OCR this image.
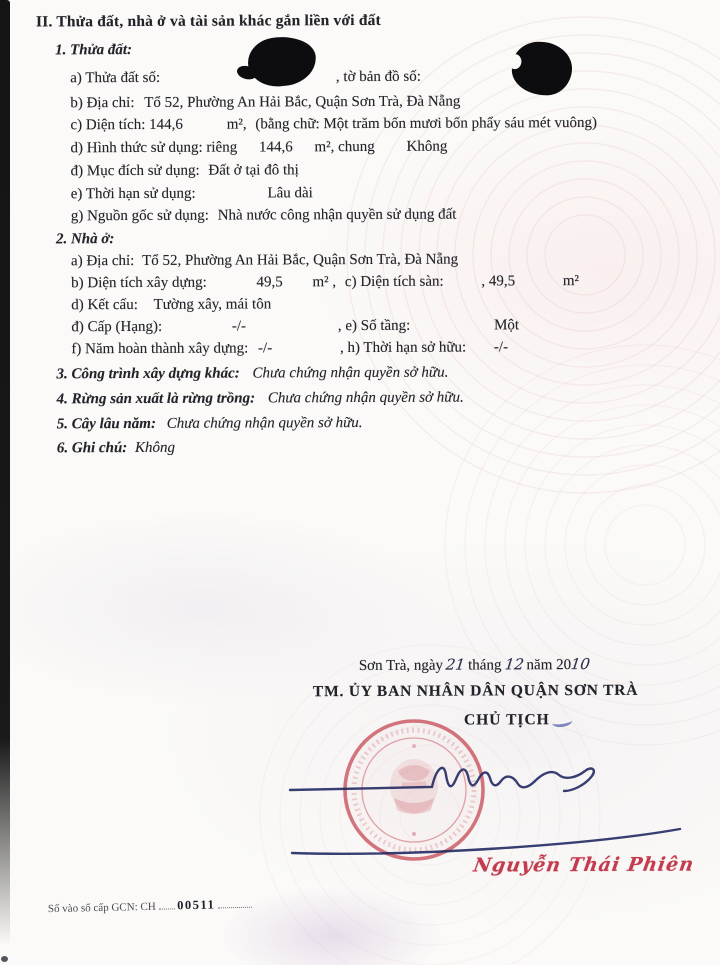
II. Thửa đất, nhà ở và tài sản khác gắn liền với đất
1. Thửa đất:
a) Thửa đất số:	, tờ bản đồ số:
b) Địa chỉ: Tổ 52, Phường An Hải Bắc, Quận Sơn Trà, Đà Nẵng
c) Diện tích: 144,6	m², (bằng chữ: Một trăm bốn mươi bốn phẩy sáu mét vuông)
d) Hình thức sử dụng: riêng 144,6 m², chung Không
đ) Mục đích sử dụng: Đất ở tại đô thị
e) Thời hạn sử dụng:	Lâu dài
g) Nguồn gốc sử dụng: Nhà nước công nhận quyền sử dụng đất
2. Nhà ở:
a) Địa chỉ: Tổ 52, Phường An Hải Bắc, Quận Sơn Trà, Đà Nẵng
b) Diện tích xây dựng:	49,5 m² , c) Diện tích sàn:	, 49,5	m²
d) Kết cấu: Tường xây, mái tôn
đ) Cấp (Hạng):	-/-	, e) Số tầng:	Một
f) Năm hoàn thành xây dựng: -/-	, h) Thời hạn sở hữu: -/-
3. Công trình xây dựng khác: Chưa chứng nhận quyền sở hữu.
4. Rừng sản xuất là rừng trồng: Chưa chứng nhận quyền sở hữu.
5. Cây lâu năm: Chưa chứng nhận quyền sở hữu.
6. Ghi chú: Không
Sơn Trà, ngày 21 tháng 12 năm 2010
TM. ỦY BAN NHÂN DÂN QUẬN SƠN TRÀ
CHỦ TỊCH
Nguyễn Thái Phiên
Số vào sổ cấp GCN: CH 00511
